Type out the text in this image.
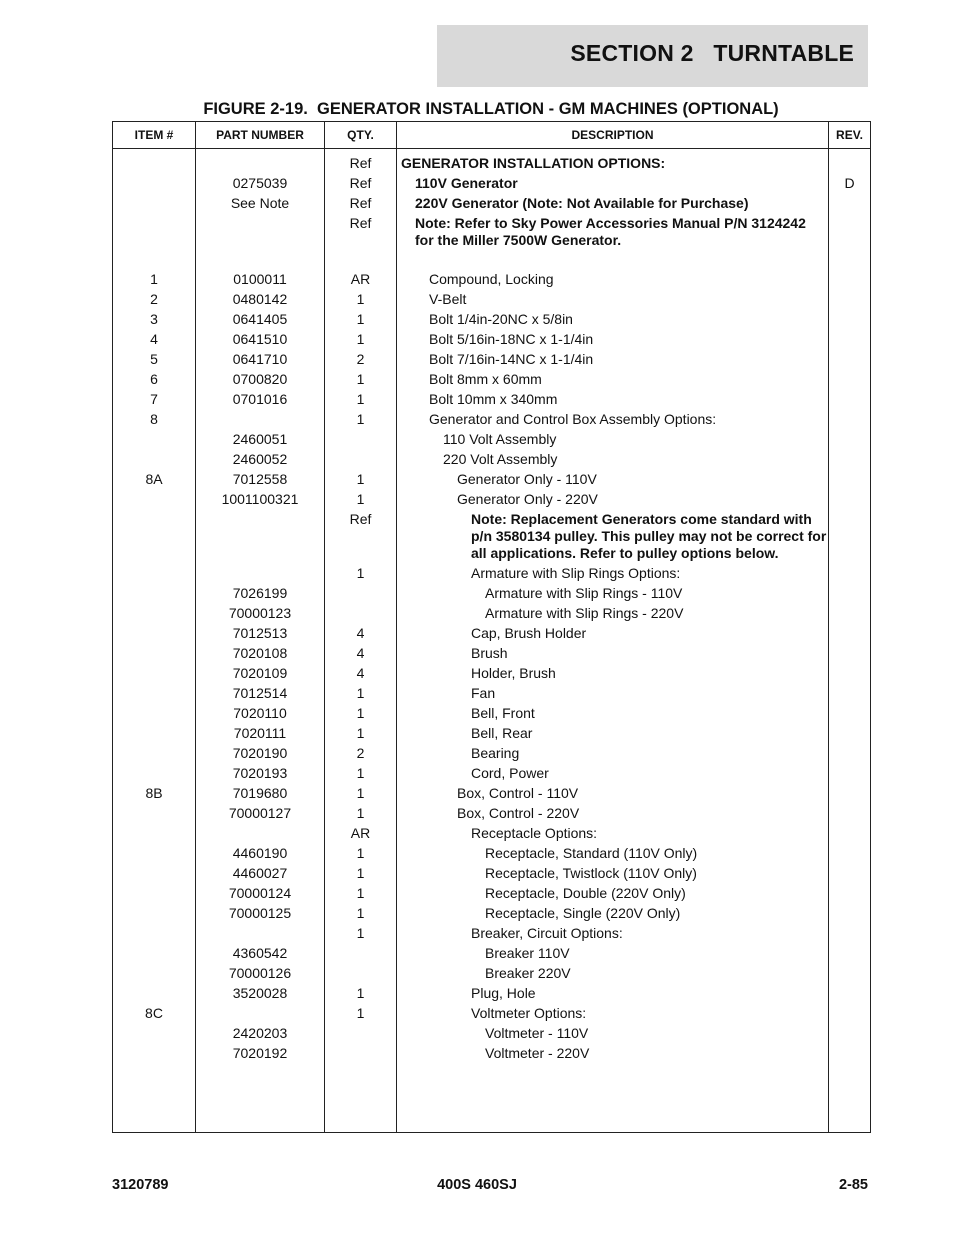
SECTION 2   TURNTABLE
FIGURE 2-19.  GENERATOR INSTALLATION - GM MACHINES (OPTIONAL)
ITEM #	PART NUMBER	QTY.	DESCRIPTION	REV.
		Ref	GENERATOR INSTALLATION OPTIONS:	
	0275039	Ref	110V Generator	D
	See Note	Ref	220V Generator (Note: Not Available for Purchase)	
		Ref	Note: Refer to Sky Power Accessories Manual P/N 3124242 for the Miller 7500W Generator.	
1	0100011	AR	Compound, Locking	
2	0480142	1	V-Belt	
3	0641405	1	Bolt 1/4in-20NC x 5/8in	
4	0641510	1	Bolt 5/16in-18NC x 1-1/4in	
5	0641710	2	Bolt 7/16in-14NC x 1-1/4in	
6	0700820	1	Bolt 8mm x 60mm	
7	0701016	1	Bolt 10mm x 340mm	
8		1	Generator and Control Box Assembly Options:	
	2460051		110 Volt Assembly	
	2460052		220 Volt Assembly	
8A	7012558	1	Generator Only - 110V	
	1001100321	1	Generator Only - 220V	
		Ref	Note: Replacement Generators come standard with p/n 3580134 pulley. This pulley may not be correct for all applications. Refer to pulley options below.	
		1	Armature with Slip Rings Options:	
	7026199		Armature with Slip Rings - 110V	
	70000123		Armature with Slip Rings - 220V	
	7012513	4	Cap, Brush Holder	
	7020108	4	Brush	
	7020109	4	Holder, Brush	
	7012514	1	Fan	
	7020110	1	Bell, Front	
	7020111	1	Bell, Rear	
	7020190	2	Bearing	
	7020193	1	Cord, Power	
8B	7019680	1	Box, Control - 110V	
	70000127	1	Box, Control - 220V	
		AR	Receptacle Options:	
	4460190	1	Receptacle, Standard (110V Only)	
	4460027	1	Receptacle, Twistlock (110V Only)	
	70000124	1	Receptacle, Double (220V Only)	
	70000125	1	Receptacle, Single (220V Only)	
		1	Breaker, Circuit Options:	
	4360542		Breaker 110V	
	70000126		Breaker 220V	
	3520028	1	Plug, Hole	
8C		1	Voltmeter Options:	
	2420203		Voltmeter - 110V	
	7020192		Voltmeter - 220V	

3120789	400S 460SJ	2-85
